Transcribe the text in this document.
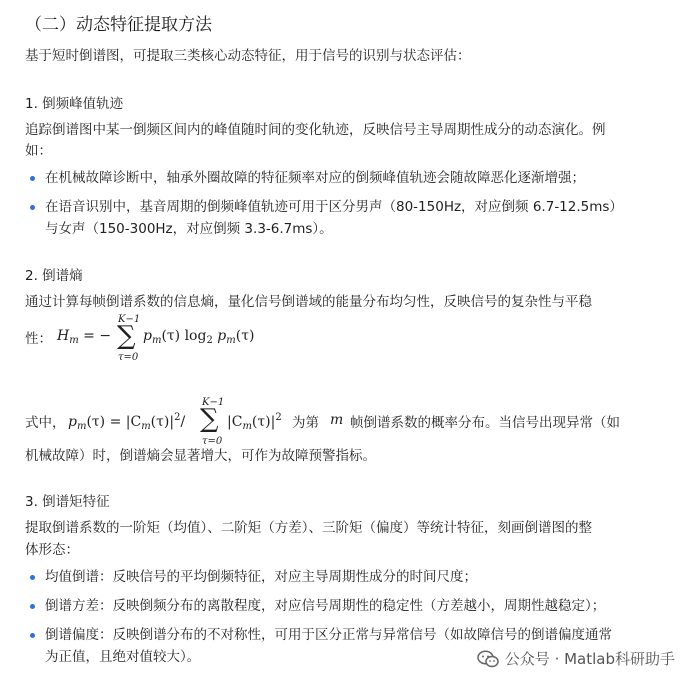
（二）动态特征提取方法
基于短时倒谱图，可提取三类核心动态特征，用于信号的识别与状态评估：
1. 倒频峰值轨迹
追踪倒谱图中某一倒频区间内的峰值随时间的变化轨迹，反映信号主导周期性成分的动态演化。例
如：
在机械故障诊断中，轴承外圈故障的特征频率对应的倒频峰值轨迹会随故障恶化逐渐增强；
在语音识别中，基音周期的倒频峰值轨迹可用于区分男声（80-150Hz，对应倒频 6.7-12.5ms）
与女声（150-300Hz，对应倒频 3.3-6.7ms）。
2. 倒谱熵
通过计算每帧倒谱系数的信息熵，量化信号倒谱域的能量分布均匀性，反映信号的复杂性与平稳
性： $H_m$ = −
K−1
∑
τ=0
$p_m(\tau)$ $\log_2 p_m(\tau)$
式中， $p_m(\tau) = |C_m(\tau)|^2/$
K−1
∑
τ=0
$|C_m(\tau)|^2$ 为第 m 帧倒谱系数的概率分布。当信号出现异常（如
机械故障）时，倒谱熵会显著增大，可作为故障预警指标。
3. 倒谱矩特征
提取倒谱系数的一阶矩（均值）、二阶矩（方差）、三阶矩（偏度）等统计特征，刻画倒谱图的整
体形态：
均值倒谱：反映信号的平均倒频特征，对应主导周期性成分的时间尺度；
倒谱方差：反映倒频分布的离散程度，对应信号周期性的稳定性（方差越小，周期性越稳定）；
倒谱偏度：反映倒谱分布的不对称性，可用于区分正常与异常信号（如故障信号的倒谱偏度通常
为正值，且绝对值较大）。	公众号 · Matlab科研助手
